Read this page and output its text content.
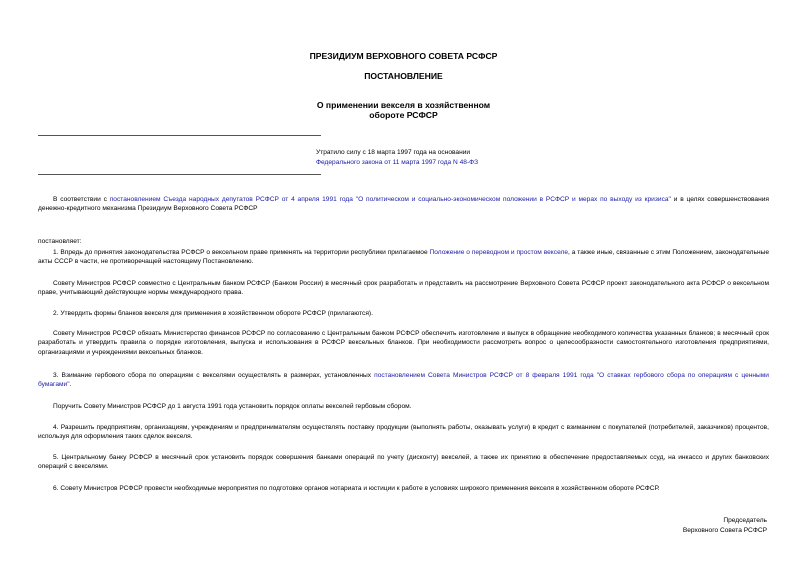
ПРЕЗИДИУМ ВЕРХОВНОГО СОВЕТА РСФСР
ПОСТАНОВЛЕНИЕ
О применении векселя в хозяйственном
обороте РСФСР
Утратило силу с 18 марта 1997 года на основании
Федерального закона от 11 марта 1997 года N 48-ФЗ

В соответствии с постановлением Съезда народных депутатов РСФСР от 4 апреля 1991 года "О политическом и социально-экономическом положении в РСФСР и мерах по выходу из кризиса" и в целях совершенствования денежно-кредитного механизма Президиум Верховного Совета РСФСР

постановляет:

1. Впредь до принятия законодательства РСФСР о вексельном праве применять на территории республики прилагаемое Положение о переводном и простом векселе, а также иные, связанные с этим Положением, законодательные акты СССР в части, не противоречащей настоящему Постановлению.

Совету Министров РСФСР совместно с Центральным банком РСФСР (Банком России) в месячный срок разработать и представить на рассмотрение Верховного Совета РСФСР проект законодательного акта РСФСР о вексельном праве, учитывающий действующие нормы международного права.

2. Утвердить формы бланков векселя для применения в хозяйственном обороте РСФСР (прилагаются).

Совету Министров РСФСР обязать Министерство финансов РСФСР по согласованию с Центральным банком РСФСР обеспечить изготовление и выпуск в обращение необходимого количества указанных бланков; в месячный срок разработать и утвердить правила о порядке изготовления, выпуска и использования в РСФСР вексельных бланков. При необходимости рассмотреть вопрос о целесообразности самостоятельного изготовления предприятиями, организациями и учреждениями вексельных бланков.

3. Взимание гербового сбора по операциям с векселями осуществлять в размерах, установленных постановлением Совета Министров РСФСР от 8 февраля 1991 года "О ставках гербового сбора по операциям с ценными бумагами".

Поручить Совету Министров РСФСР до 1 августа 1991 года установить порядок оплаты векселей гербовым сбором.

4. Разрешить предприятиям, организациям, учреждениям и предпринимателям осуществлять поставку продукции (выполнять работы, оказывать услуги) в кредит с взиманием с покупателей (потребителей, заказчиков) процентов, используя для оформления таких сделок векселя.

5. Центральному банку РСФСР в месячный срок установить порядок совершения банками операций по учету (дисконту) векселей, а также их принятию в обеспечение предоставляемых ссуд, на инкассо и других банковских операций с векселями.

6. Совету Министров РСФСР провести необходимые мероприятия по подготовке органов нотариата и юстиции к работе в условиях широкого применения векселя в хозяйственном обороте РСФСР.

Председатель
Верховного Совета РСФСР
